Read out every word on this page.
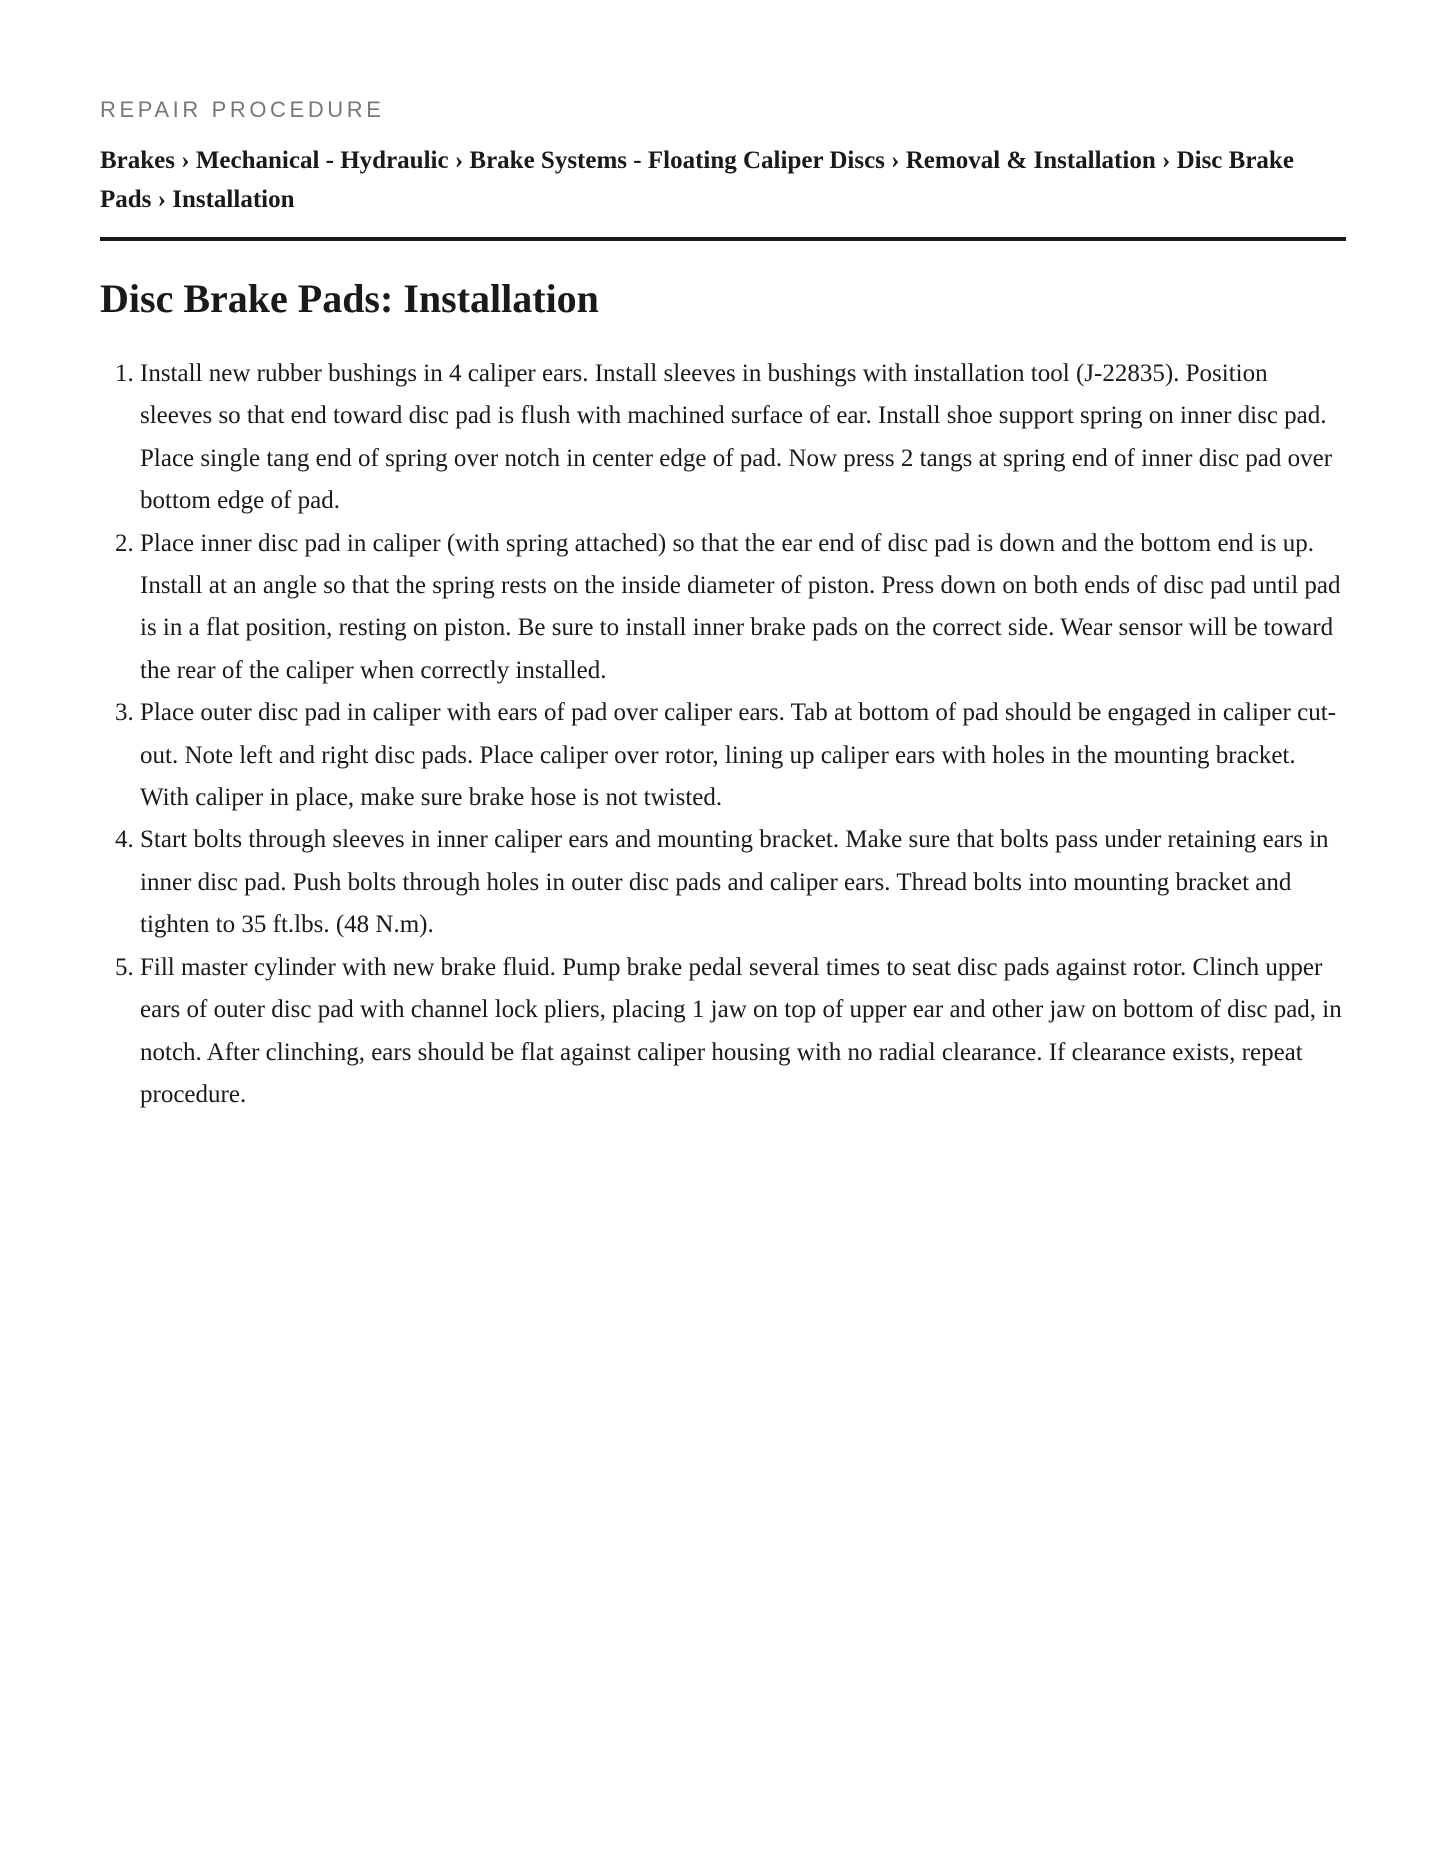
REPAIR PROCEDURE
Brakes › Mechanical - Hydraulic › Brake Systems - Floating Caliper Discs › Removal & Installation › Disc Brake Pads › Installation
Disc Brake Pads: Installation
1. Install new rubber bushings in 4 caliper ears. Install sleeves in bushings with installation tool (J-22835). Position sleeves so that end toward disc pad is flush with machined surface of ear. Install shoe support spring on inner disc pad. Place single tang end of spring over notch in center edge of pad. Now press 2 tangs at spring end of inner disc pad over bottom edge of pad.
2. Place inner disc pad in caliper (with spring attached) so that the ear end of disc pad is down and the bottom end is up. Install at an angle so that the spring rests on the inside diameter of piston. Press down on both ends of disc pad until pad is in a flat position, resting on piston. Be sure to install inner brake pads on the correct side. Wear sensor will be toward the rear of the caliper when correctly installed.
3. Place outer disc pad in caliper with ears of pad over caliper ears. Tab at bottom of pad should be engaged in caliper cut-out. Note left and right disc pads. Place caliper over rotor, lining up caliper ears with holes in the mounting bracket. With caliper in place, make sure brake hose is not twisted.
4. Start bolts through sleeves in inner caliper ears and mounting bracket. Make sure that bolts pass under retaining ears in inner disc pad. Push bolts through holes in outer disc pads and caliper ears. Thread bolts into mounting bracket and tighten to 35 ft.lbs. (48 N.m).
5. Fill master cylinder with new brake fluid. Pump brake pedal several times to seat disc pads against rotor. Clinch upper ears of outer disc pad with channel lock pliers, placing 1 jaw on top of upper ear and other jaw on bottom of disc pad, in notch. After clinching, ears should be flat against caliper housing with no radial clearance. If clearance exists, repeat procedure.
